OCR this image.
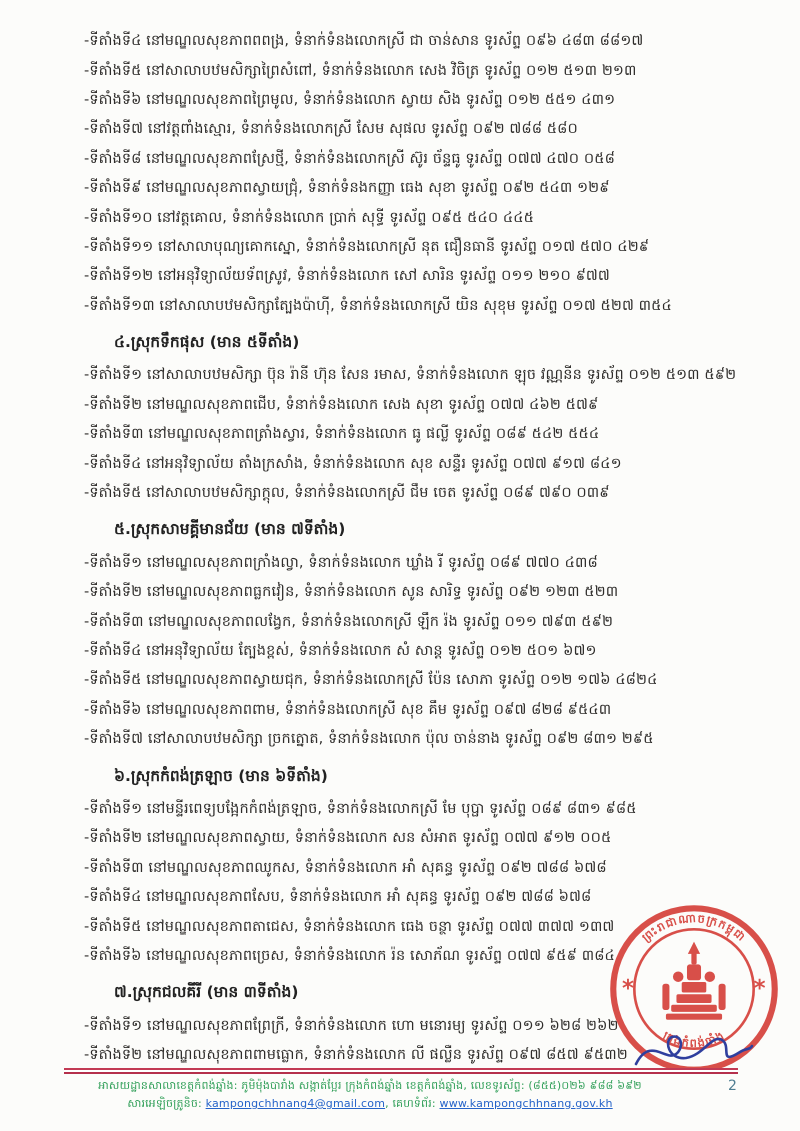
-ទីតាំងទី៤ នៅមណ្ឌលសុខភាពពពង្រ, ទំនាក់ទំនងលោកស្រី ជា ចាន់សាន ទូរស័ព្ទ ០៩៦ ៤៨៣ ៨៨១៧
-ទីតាំងទី៥ នៅសាលាបឋមសិក្សាព្រៃសំពៅ, ទំនាក់ទំនងលោក សេង វិចិត្រ ទូរស័ព្ទ ០១២ ៥១៣ ២១៣
-ទីតាំងទី៦ នៅមណ្ឌលសុខភាពព្រៃមូល, ទំនាក់ទំនងលោក ស្វាយ សិង ទូរស័ព្ទ ០១២ ៥៥១ ៤៣១
-ទីតាំងទី៧ នៅវត្តពាំងស្មោរ, ទំនាក់ទំនងលោកស្រី សែម សុផល ទូរស័ព្ទ ០៩២ ៧៨៨ ៥៨០
-ទីតាំងទី៨ នៅមណ្ឌលសុខភាពស្រែថ្មី, ទំនាក់ទំនងលោកស្រី ស៊ូរ ច័ន្ទធូ ទូរស័ព្ទ ០៧៧ ៤៧០ ០៥៨
-ទីតាំងទី៩ នៅមណ្ឌលសុខភាពស្វាយជ្រុំ, ទំនាក់ទំនងកញ្ញា ធេង សុខា ទូរស័ព្ទ ០៩២ ៥៤៣ ១២៩
-ទីតាំងទី១០ នៅវត្តគោល, ទំនាក់ទំនងលោក ប្រាក់ សុទ្ធី ទូរស័ព្ទ ០៩៥ ៥៤០ ៤៤៥
-ទីតាំងទី១១ នៅសាលាបុណ្យគោកស្នោ, ទំនាក់ទំនងលោកស្រី នុត ជឿនធានី ទូរស័ព្ទ ០១៧ ៥៧០ ៤២៩
-ទីតាំងទី១២ នៅអនុវិទ្យាល័យទ័ពស្រូវ, ទំនាក់ទំនងលោក សៅ សារិន ទូរស័ព្ទ ០១១ ២១០ ៩៧៧
-ទីតាំងទី១៣ នៅសាលាបឋមសិក្សាត្បែងប៉ាហ៊ី, ទំនាក់ទំនងលោកស្រី យិន សុខុម ទូរស័ព្ទ ០១៧ ៥២៧ ៣៥៤
៤.ស្រុកទឹកផុស (មាន ៥ទីតាំង)
-ទីតាំងទី១ នៅសាលាបឋមសិក្សា ប៊ុន រ៉ានី ហ៊ុន សែន រមាស, ទំនាក់ទំនងលោក ឡុច វណ្ណនីន ទូរស័ព្ទ ០១២ ៥១៣ ៥៩២
-ទីតាំងទី២ នៅមណ្ឌលសុខភាពជើប, ទំនាក់ទំនងលោក សេង សុខា ទូរស័ព្ទ ០៧៧ ៤៦២ ៥៧៩
-ទីតាំងទី៣ នៅមណ្ឌលសុខភាពត្រាំងស្វារ, ទំនាក់ទំនងលោក ធូ ផល្លី ទូរស័ព្ទ ០៨៩ ៥៤២ ៥៥៤
-ទីតាំងទី៤ នៅអនុវិទ្យាល័យ តាំងក្រសាំង, ទំនាក់ទំនងលោក សុខ សន្ទឺរ ទូរស័ព្ទ ០៧៧ ៩១៧ ៨៤១
-ទីតាំងទី៥ នៅសាលាបឋមសិក្សាក្តុល, ទំនាក់ទំនងលោកស្រី ជឹម ចេត ទូរស័ព្ទ ០៨៩ ៧៩០ ០៣៩
៥.ស្រុកសាមគ្គីមានជ័យ (មាន ៧ទីតាំង)
-ទីតាំងទី១ នៅមណ្ឌលសុខភាពក្រាំងល្វា, ទំនាក់ទំនងលោក ឃ្លាំង រី ទូរស័ព្ទ ០៨៩ ៧៧០ ៤៣៨
-ទីតាំងទី២ នៅមណ្ឌលសុខភាពធ្លកវៀន, ទំនាក់ទំនងលោក សូន សារិទ្ធ ទូរស័ព្ទ ០៩២ ១២៣ ៥២៣
-ទីតាំងទី៣ នៅមណ្ឌលសុខភាពលង្វែក, ទំនាក់ទំនងលោកស្រី ឡឹក រ៉ង ទូរស័ព្ទ ០១១ ៧៩៣ ៥៩២
-ទីតាំងទី៤ នៅអនុវិទ្យាល័យ ត្បែងខ្ពស់, ទំនាក់ទំនងលោក សំ សាន្ត ទូរស័ព្ទ ០១២ ៥០១ ៦៧១
-ទីតាំងទី៥ នៅមណ្ឌលសុខភាពស្វាយជុក, ទំនាក់ទំនងលោកស្រី ប៉ែន សោភា ទូរស័ព្ទ ០១២ ១៧៦ ៤៨២៤
-ទីតាំងទី៦ នៅមណ្ឌលសុខភាពពាម, ទំនាក់ទំនងលោកស្រី សុខ គឹម ទូរស័ព្ទ ០៩៧ ៨២៨ ៩៥៤៣
-ទីតាំងទី៧ នៅសាលាបឋមសិក្សា ច្រកត្នោត, ទំនាក់ទំនងលោក ប៉ុល ចាន់នាង ទូរស័ព្ទ ០៩២ ៨៣១ ២៩៥
៦.ស្រុកកំពង់ត្រឡាច (មាន ៦ទីតាំង)
-ទីតាំងទី១ នៅមន្ទីរពេទ្យបង្អែកកំពង់ត្រឡាច, ទំនាក់ទំនងលោកស្រី មែ បុប្ផា ទូរស័ព្ទ ០៨៩ ៨៣១ ៩៨៥
-ទីតាំងទី២ នៅមណ្ឌលសុខភាពស្វាយ, ទំនាក់ទំនងលោក សន សំអាត ទូរស័ព្ទ ០៧៧ ៩១២ ០០៥
-ទីតាំងទី៣ នៅមណ្ឌលសុខភាពឈូកស, ទំនាក់ទំនងលោក អាំ សុគន្ធ ទូរស័ព្ទ ០៩២ ៧៨៨ ៦៧៨
-ទីតាំងទី៤ នៅមណ្ឌលសុខភាពសែប, ទំនាក់ទំនងលោក អាំ សុគន្ធ ទូរស័ព្ទ ០៩២ ៧៨៨ ៦៧៨
-ទីតាំងទី៥ នៅមណ្ឌលសុខភាពតាជេស, ទំនាក់ទំនងលោក ធេង ចន្ថា ទូរស័ព្ទ ០៧៧ ៣៧៧ ១៣៧
-ទីតាំងទី៦ នៅមណ្ឌលសុខភាពច្រេស, ទំនាក់ទំនងលោក រ៉ន សោភ័ណ ទូរស័ព្ទ ០៧៧ ៩៥៩ ៣៨៤
៧.ស្រុកជលគីរី (មាន ៣ទីតាំង)
-ទីតាំងទី១ នៅមណ្ឌលសុខភាពព្រែក្រី, ទំនាក់ទំនងលោក ហោ មនោរម្យ ទូរស័ព្ទ ០១១ ៦២៨ ២៦២
-ទីតាំងទី២ នៅមណ្ឌលសុខភាពពាមធ្លោក, ទំនាក់ទំនងលោក លី ផល្លឺន ទូរស័ព្ទ ០៩៧ ៨៥៧ ៩៥៣២
ព្រះរាជាណាចក្រកម្ពុជា
ក្រុងកំពង់ឆ្នាំង
*	*
អាសយដ្ឋានសាលាខេត្តកំពង់ឆ្នាំង: ភូមិម៉ុងបារាំង សង្កាត់ប្អែរ ក្រុងកំពង់ឆ្នាំង ខេត្តកំពង់ឆ្នាំង, លេខទូរស័ព្ទ: (៨៥៥)០២៦ ៩៨៨ ៦៩២
សារអេឡិចត្រូនិច: kampongchhnang4@gmail.com, គេហទំព័រ: www.kampongchhnang.gov.kh
2
